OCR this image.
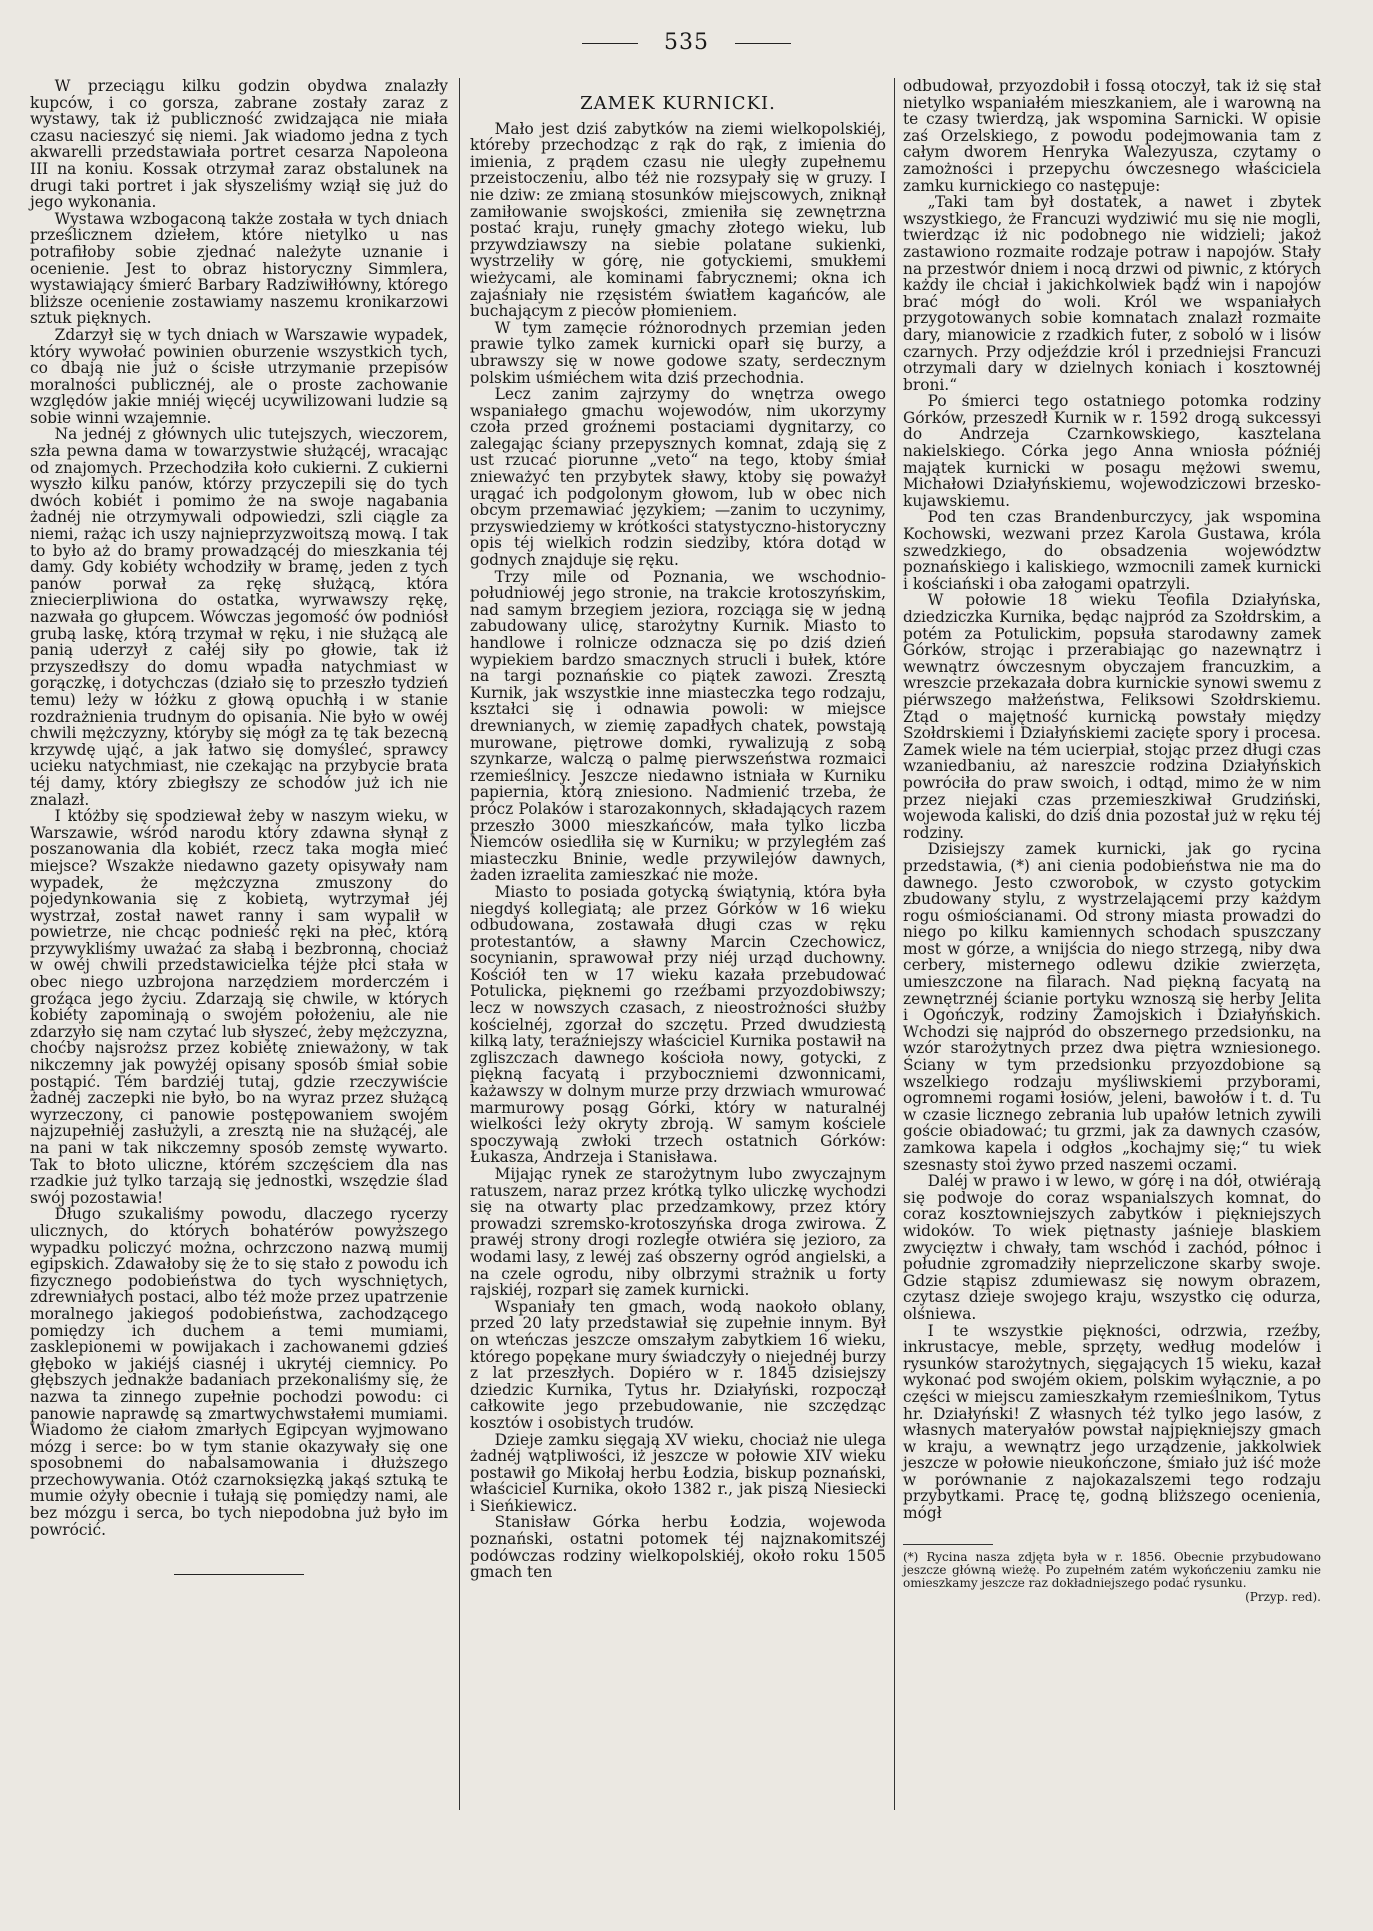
535

W przeciągu kilku godzin obydwa znalazły kupców, i co gorsza, zabrane zostały zaraz z wystawy, tak iż publiczność zwidzająca nie miała czasu nacieszyć się niemi. Jak wiadomo jedna z tych akwarelli przedstawiała portret cesarza Napoleona III na koniu. Kossak otrzymał zaraz obstalunek na drugi taki portret i jak słyszeliśmy wziął się już do jego wykonania.

Wystawa wzbogaconą także została w tych dniach prześlicznem dziełem, które nietylko u nas potrafiłoby sobie zjednać należyte uznanie i ocenienie. Jest to obraz historyczny Simmlera, wystawiający śmierć Barbary Radziwiłłówny, którego bliższe ocenienie zostawiamy naszemu kronikarzowi sztuk pięknych.

Zdarzył się w tych dniach w Warszawie wypadek, który wywołać powinien oburzenie wszystkich tych, co dbają nie już o ścisłe utrzymanie przepisów moralności publicznéj, ale o proste zachowanie względów jakie mniéj więcéj ucywilizowani ludzie są sobie winni wzajemnie.

Na jednéj z głównych ulic tutejszych, wieczorem, szła pewna dama w towarzystwie służącéj, wracając od znajomych. Przechodziła koło cukierni. Z cukierni wyszło kilku panów, którzy przyczepili się do tych dwóch kobiét i pomimo że na swoje nagabania żadnéj nie otrzymywali odpowiedzi, szli ciągle za niemi, rażąc ich uszy najnieprzyzwoitszą mową. I tak to było aż do bramy prowadzącéj do mieszkania téj damy. Gdy kobiéty wchodziły w bramę, jeden z tych panów porwał za rękę służącą, która zniecierpliwiona do ostatka, wyrwawszy rękę, nazwała go głupcem. Wówczas jegomość ów podniósł grubą laskę, którą trzymał w ręku, i nie służącą ale panią uderzył z całéj siły po głowie, tak iż przyszedłszy do domu wpadła natychmiast w gorączkę, i dotychczas (działo się to przeszło tydzień temu) leży w łóżku z głową opuchłą i w stanie rozdrażnienia trudnym do opisania. Nie było w owéj chwili mężczyzny, któryby się mógł za tę tak bezecną krzywdę ująć, a jak łatwo się domyśleć, sprawcy ucieku natychmiast, nie czekając na przybycie brata téj damy, który zbiegłszy ze schodów już ich nie znalazł.

I któżby się spodziewał żeby w naszym wieku, w Warszawie, wśród narodu który zdawna słynął z poszanowania dla kobiét, rzecz taka mogła mieć miejsce? Wszakże niedawno gazety opisywały nam wypadek, że mężczyzna zmuszony do pojedynkowania się z kobietą, wytrzymał jéj wystrzał, został nawet ranny i sam wypalił w powietrze, nie chcąc podnieść ręki na płeć, którą przywykliśmy uważać za słabą i bezbronną, chociaż w owéj chwili przedstawicielka téjże płci stała w obec niego uzbrojona narzędziem morderczém i groźąca jego życiu. Zdarzają się chwile, w których kobiéty zapominają o swojém położeniu, ale nie zdarzyło się nam czytać lub słyszeć, żeby mężczyzna, choćby najsroższ przez kobiétę znieważony, w tak nikczemny jak powyżéj opisany sposób śmiał sobie postąpić. Tém bardziéj tutaj, gdzie rzeczywiście żadnéj zaczepki nie było, bo na wyraz przez służącą wyrzeczony, ci panowie postępowaniem swojém najzupełniéj zasłużyli, a zresztą nie na służącéj, ale na pani w tak nikczemny sposób zemstę wywarto. Tak to błoto uliczne, którém szczęściem dla nas rzadkie już tylko tarzają się jednostki, wszędzie ślad swój pozostawia!

Długo szukaliśmy powodu, dlaczego rycerzy ulicznych, do których bohatérów powyższego wypadku policzyć można, ochrzczono nazwą mumij egipskich. Zdawałoby się że to się stało z powodu ich fizycznego podobieństwa do tych wyschniętych, zdrewniałych postaci, albo téż może przez upatrzenie moralnego jakiegoś podobieństwa, zachodzącego pomiędzy ich duchem a temi mumiami, zasklepionemi w powijakach i zachowanemi gdzieś głęboko w jakiéjś ciasnéj i ukrytéj ciemnicy. Po głębszych jednakże badaniach przekonaliśmy się, że nazwa ta zinnego zupełnie pochodzi powodu: ci panowie naprawdę są zmartwychwstałemi mumiami. Wiadomo że ciałom zmarłych Egipcyan wyjmowano mózg i serce: bo w tym stanie okazywały się one sposobnemi do nabalsamowania i dłuższego przechowywania. Otóż czarnoksięzką jakąś sztuką te mumie ożyły obecnie i tułają się pomiędzy nami, ale bez mózgu i serca, bo tych niepodobna już było im powrócić.

ZAMEK KURNICKI.

Mało jest dziś zabytków na ziemi wielkopolskiéj, któreby przechodząc z rąk do rąk, z imienia do imienia, z prądem czasu nie uległy zupełnemu przeistoczeniu, albo téż nie rozsypały się w gruzy. I nie dziw: ze zmianą stosunków miejscowych, zniknął zamiłowanie swojskości, zmieniła się zewnętrzna postać kraju, runęły gmachy złotego wieku, lub przywdziawszy na siebie polatane sukienki, wystrzeliły w górę, nie gotyckiemi, smukłemi wieżycami, ale kominami fabrycznemi; okna ich zajaśniały nie rzęsistém światłem kagańców, ale buchającym z pieców płomieniem.

W tym zamęcie różnorodnych przemian jeden prawie tylko zamek kurnicki oparł się burzy, a ubrawszy się w nowe godowe szaty, serdecznym polskim uśmiéchem wita dziś przechodnia.

Lecz zanim zajrzymy do wnętrza owego wspaniałego gmachu wojewodów, nim ukorzymy czoła przed groźnemi postaciami dygnitarzy, co zalegając ściany przepysznych komnat, zdają się z ust rzucać piorunne „veto“ na tego, ktoby śmiał znieważyć ten przybytek sławy, ktoby się poważył urągać ich podgolonym głowom, lub w obec nich obcym przemawiać językiem; —zanim to uczynimy, przyswiedziemy w krótkości statystyczno-historyczny opis téj wielkich rodzin siedziby, która dotąd w godnych znajduje się ręku.

Trzy mile od Poznania, we wschodnio-południowéj jego stronie, na trakcie krotoszyńskim, nad samym brzegiem jeziora, rozciąga się w jedną zabudowany ulicę, starożytny Kurnik. Miasto to handlowe i rolnicze odznacza się po dziś dzień wypiekiem bardzo smacznych strucli i bułek, które na targi poznańskie co piątek zawozi. Zresztą Kurnik, jak wszystkie inne miasteczka tego rodzaju, kształci się i odnawia powoli: w miejsce drewnianych, w ziemię zapadłych chatek, powstają murowane, piętrowe domki, rywalizują z sobą szynkarze, walczą o palmę pierwszeństwa rozmaici rzemieślnicy. Jeszcze niedawno istniała w Kurniku papiernia, którą zniesiono. Nadmienić trzeba, że prócz Polaków i starozakonnych, składających razem przeszło 3000 mieszkańców, mała tylko liczba Niemców osiedliła się w Kurniku; w przyległém zaś miasteczku Bninie, wedle przywilejów dawnych, żaden izraelita zamieszkać nie może.

Miasto to posiada gotycką świątynią, która była niegdyś kollegiatą; ale przez Górków w 16 wieku odbudowana, zostawała długi czas w ręku protestantów, a sławny Marcin Czechowicz, socynianin, sprawował przy niéj urząd duchowny. Kościół ten w 17 wieku kazała przebudować Potulicka, pięknemi go rzeźbami przyozdobiwszy; lecz w nowszych czasach, z nieostrożności służby kościelnéj, zgorzał do szczętu. Przed dwudziestą kilką laty, teraźniejszy właściciel Kurnika postawił na zgliszczach dawnego kościoła nowy, gotycki, z piękną facyatą i przyboczniemi dzwonnicami, każawszy w dolnym murze przy drzwiach wmurować marmurowy posąg Górki, który w naturalnéj wielkości leży okryty zbroją. W samym kościele spoczywają zwłoki trzech ostatnich Górków: Łukasza, Andrzeja i Stanisława.

Mijając rynek ze starożytnym lubo zwyczajnym ratuszem, naraz przez krótką tylko uliczkę wychodzi się na otwarty plac przedzamkowy, przez który prowadzi szremsko-krotoszyńska droga zwirowa. Z prawéj strony drogi rozległe otwiéra się jezioro, za wodami lasy, z lewéj zaś obszerny ogród angielski, a na czele ogrodu, niby olbrzymi strażnik u forty rajskiéj, rozparł się zamek kurnicki.

Wspaniały ten gmach, wodą naokoło oblany, przed 20 laty przedstawiał się zupełnie innym. Był on wteńczas jeszcze omszałym zabytkiem 16 wieku, którego popękane mury świadczyły o niejednéj burzy z lat przeszłych. Dopiéro w r. 1845 dzisiejszy dziedzic Kurnika, Tytus hr. Działyński, rozpoczął całkowite jego przebudowanie, nie szczędząc kosztów i osobistych trudów.

Dzieje zamku sięgają XV wieku, chociaż nie ulega żadnéj wątpliwości, iż jeszcze w połowie XIV wieku postawił go Mikołaj herbu Łodzia, biskup poznański, właściciel Kurnika, około 1382 r., jak piszą Niesiecki i Sieńkiewicz.

Stanisław Górka herbu Łodzia, wojewoda poznański, ostatni potomek téj najznakomitszéj podówczas rodziny wielkopolskiéj, około roku 1505 gmach ten

odbudował, przyozdobił i fossą otoczył, tak iż się stał nietylko wspaniałém mieszkaniem, ale i warowną na te czasy twierdzą, jak wspomina Sarnicki. W opisie zaś Orzelskiego, z powodu podejmowania tam z całym dworem Henryka Walezyusza, czytamy o zamożności i przepychu ówczesnego właściciela zamku kurnickiego co następuje:

„Taki tam był dostatek, a nawet i zbytek wszystkiego, że Francuzi wydziwić mu się nie mogli, twierdząc iż nic podobnego nie widzieli; jakoż zastawiono rozmaite rodzaje potraw i napojów. Stały na przestwór dniem i nocą drzwi od piwnic, z których każdy ile chciał i jakichkolwiek bądź win i napojów brać mógł do woli. Król we wspaniałych przygotowanych sobie komnatach znalazł rozmaite dary, mianowicie z rzadkich futer, z soboló w i lisów czarnych. Przy odjeździe król i przedniejsi Francuzi otrzymali dary w dzielnych koniach i kosztownéj broni.“

Po śmierci tego ostatniego potomka rodziny Górków, przeszedł Kurnik w r. 1592 drogą sukcessyi do Andrzeja Czarnkowskiego, kasztelana nakielskiego. Córka jego Anna wniosła późniéj majątek kurnicki w posagu mężowi swemu, Michałowi Działyńskiemu, wojewodziczowi brzesko-kujawskiemu.

Pod ten czas Brandenburczycy, jak wspomina Kochowski, wezwani przez Karola Gustawa, króla szwedzkiego, do obsadzenia województw poznańskiego i kaliskiego, wzmocnili zamek kurnicki i kościański i oba załogami opatrzyli.

W połowie 18 wieku Teofila Działyńska, dziedziczka Kurnika, będąc najpród za Szołdrskim, a potém za Potulickim, popsuła starodawny zamek Górków, strojąc i przerabiając go nazewnątrz i wewnątrz ówczesnym obyczajem francuzkim, a wreszcie przekazała dobra kurnickie synowi swemu z piérwszego małżeństwa, Feliksowi Szołdrskiemu. Ztąd o majętność kurnicką powstały między Szołdrskiemi i Działyńskiemi zacięte spory i procesa. Zamek wiele na tém ucierpiał, stojąc przez długi czas wzaniedbaniu, aż nareszcie rodzina Działyńskich powróciła do praw swoich, i odtąd, mimo że w nim przez niejaki czas przemieszkiwał Grudziński, wojewoda kaliski, do dziś dnia pozostał już w ręku téj rodziny.

Dzisiejszy zamek kurnicki, jak go rycina przedstawia, (*) ani cienia podobieństwa nie ma do dawnego. Jesto czworobok, w czysto gotyckim zbudowany stylu, z wystrzelającemi przy każdym rogu ośmiościanami. Od strony miasta prowadzi do niego po kilku kamiennych schodach spuszczany most w górze, a wnijścia do niego strzegą, niby dwa cerbery, misternego odlewu dzikie zwierzęta, umieszczone na filarach. Nad piękną facyatą na zewnętrznéj ścianie portyku wznoszą się herby Jelita i Ogończyk, rodziny Zamojskich i Działyńskich. Wchodzi się najpród do obszernego przedsionku, na wzór starożytnych przez dwa piętra wzniesionego. Ściany w tym przedsionku przyozdobione są wszelkiego rodzaju myśliwskiemi przyborami, ogromnemi rogami łosiów, jeleni, bawołów i t. d. Tu w czasie licznego zebrania lub upałów letnich zywili goście obiadować; tu grzmi, jak za dawnych czasów, zamkowa kapela i odgłos „kochajmy się;“ tu wiek szesnasty stoi żywo przed naszemi oczami.

Daléj w prawo i w lewo, w górę i na dół, otwiérają się podwoje do coraz wspanialszych komnat, do coraz kosztowniejszych zabytków i piękniejszych widoków. To wiek piętnasty jaśnieje blaskiem zwycięztw i chwały, tam wschód i zachód, północ i południe zgromadziły nieprzeliczone skarby swoje. Gdzie stąpisz zdumiewasz się nowym obrazem, czytasz dzieje swojego kraju, wszystko cię odurza, olśniewa.

I te wszystkie piękności, odrzwia, rzeźby, inkrustacye, meble, sprzęty, według modelów i rysunków starożytnych, sięgających 15 wieku, kazał wykonać pod swojém okiem, polskim wyłącznie, a po części w miejscu zamieszkałym rzemieślnikom, Tytus hr. Działyński! Z własnych téż tylko jego lasów, z własnych materyałów powstał najpiękniejszy gmach w kraju, a wewnątrz jego urządzenie, jakkolwiek jeszcze w połowie nieukończone, śmiało już iść może w porównanie z najokazalszemi tego rodzaju przybytkami. Pracę tę, godną bliższego ocenienia, mógł

(*) Rycina nasza zdjęta była w r. 1856. Obecnie przybudowano jeszcze główną wieżę. Po zupełném zatém wykończeniu zamku nie omieszkamy jeszcze raz dokładniejszego podać rysunku.
(Przyp. red).
